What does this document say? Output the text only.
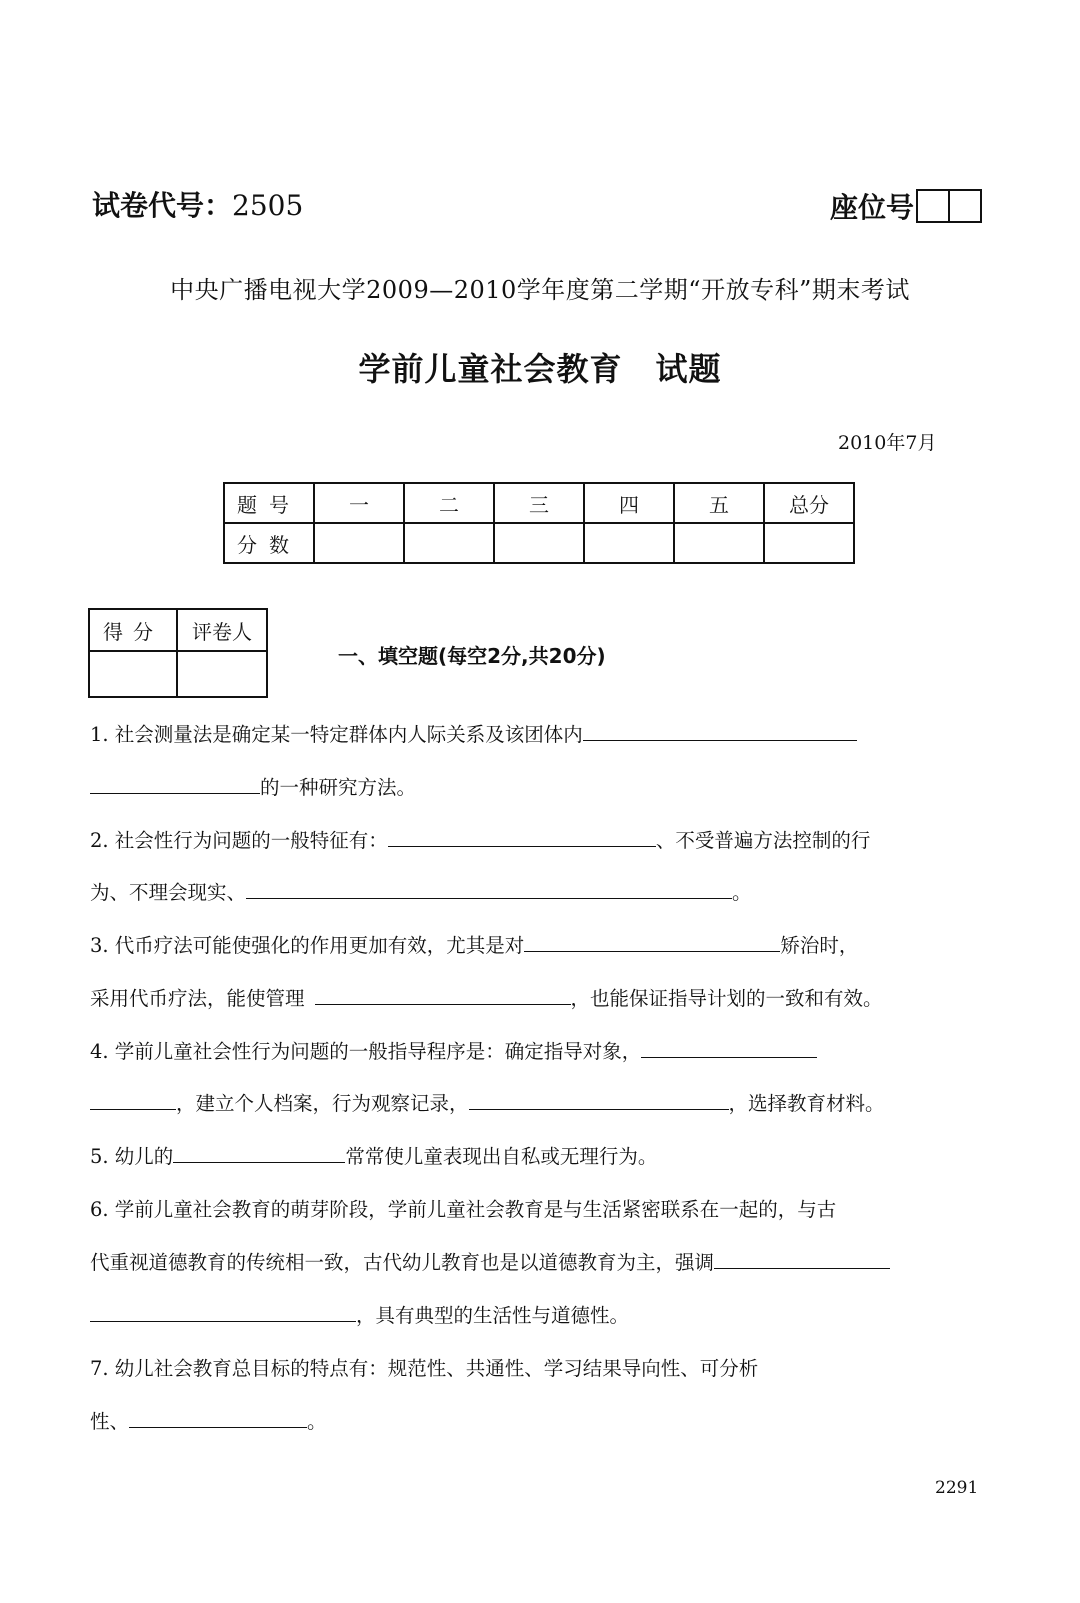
试卷代号：2505	座位号
中央广播电视大学2009—2010学年度第二学期“开放专科”期末考试
学前儿童社会教育　试题
2010年7月
题号	一	二	三	四	五	总分
分数						
得分	评卷人

一、填空题(每空2分,共20分)
1. 社会测量法是确定某一特定群体内人际关系及该团体内
的一种研究方法。
2. 社会性行为问题的一般特征有：	、不受普遍方法控制的行
为、不理会现实、	。
3. 代币疗法可能使强化的作用更加有效，尤其是对	矫治时，
采用代币疗法，能使管理	，也能保证指导计划的一致和有效。
4. 学前儿童社会性行为问题的一般指导程序是：确定指导对象，
，建立个人档案，行为观察记录，	，选择教育材料。
5. 幼儿的	常常使儿童表现出自私或无理行为。
6. 学前儿童社会教育的萌芽阶段，学前儿童社会教育是与生活紧密联系在一起的，与古
代重视道德教育的传统相一致，古代幼儿教育也是以道德教育为主，强调
，具有典型的生活性与道德性。
7. 幼儿社会教育总目标的特点有：规范性、共通性、学习结果导向性、可分析
性、	。
2291
